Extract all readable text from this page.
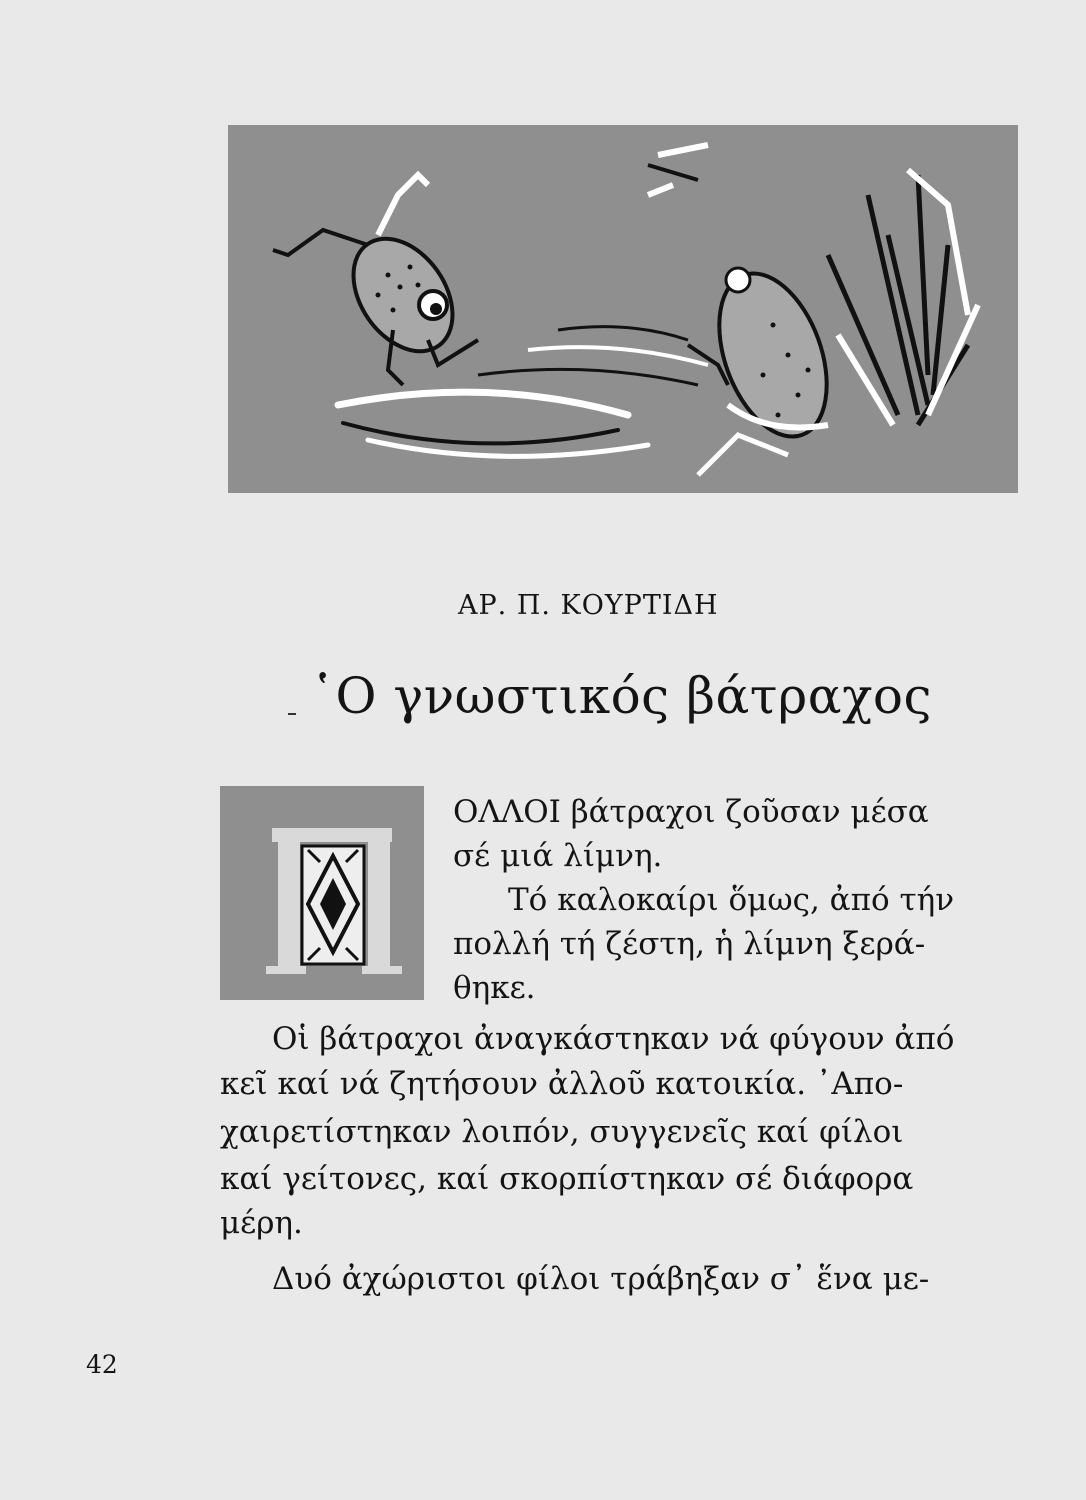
ΑΡ. Π. ΚΟΥΡΤΙΔΗ
῾Ο γνωστικός βάτραχος
ΟΛΛΟΙ βάτραχοι ζοῦσαν μέσα
σέ μιά λίμνη.
Τό καλοκαίρι ὅμως, ἀπό τήν
πολλή τή ζέστη, ἡ λίμνη ξερά-
θηκε.
Οἱ βάτραχοι ἀναγκάστηκαν νά φύγουν ἀπό
κεῖ καί νά ζητήσουν ἀλλοῦ κατοικία. ᾿Απο-
χαιρετίστηκαν λοιπόν, συγγενεῖς καί φίλοι
καί γείτονες, καί σκορπίστηκαν σέ διάφορα
μέρη.
Δυό ἀχώριστοι φίλοι τράβηξαν σ᾿ ἕνα με-
42
